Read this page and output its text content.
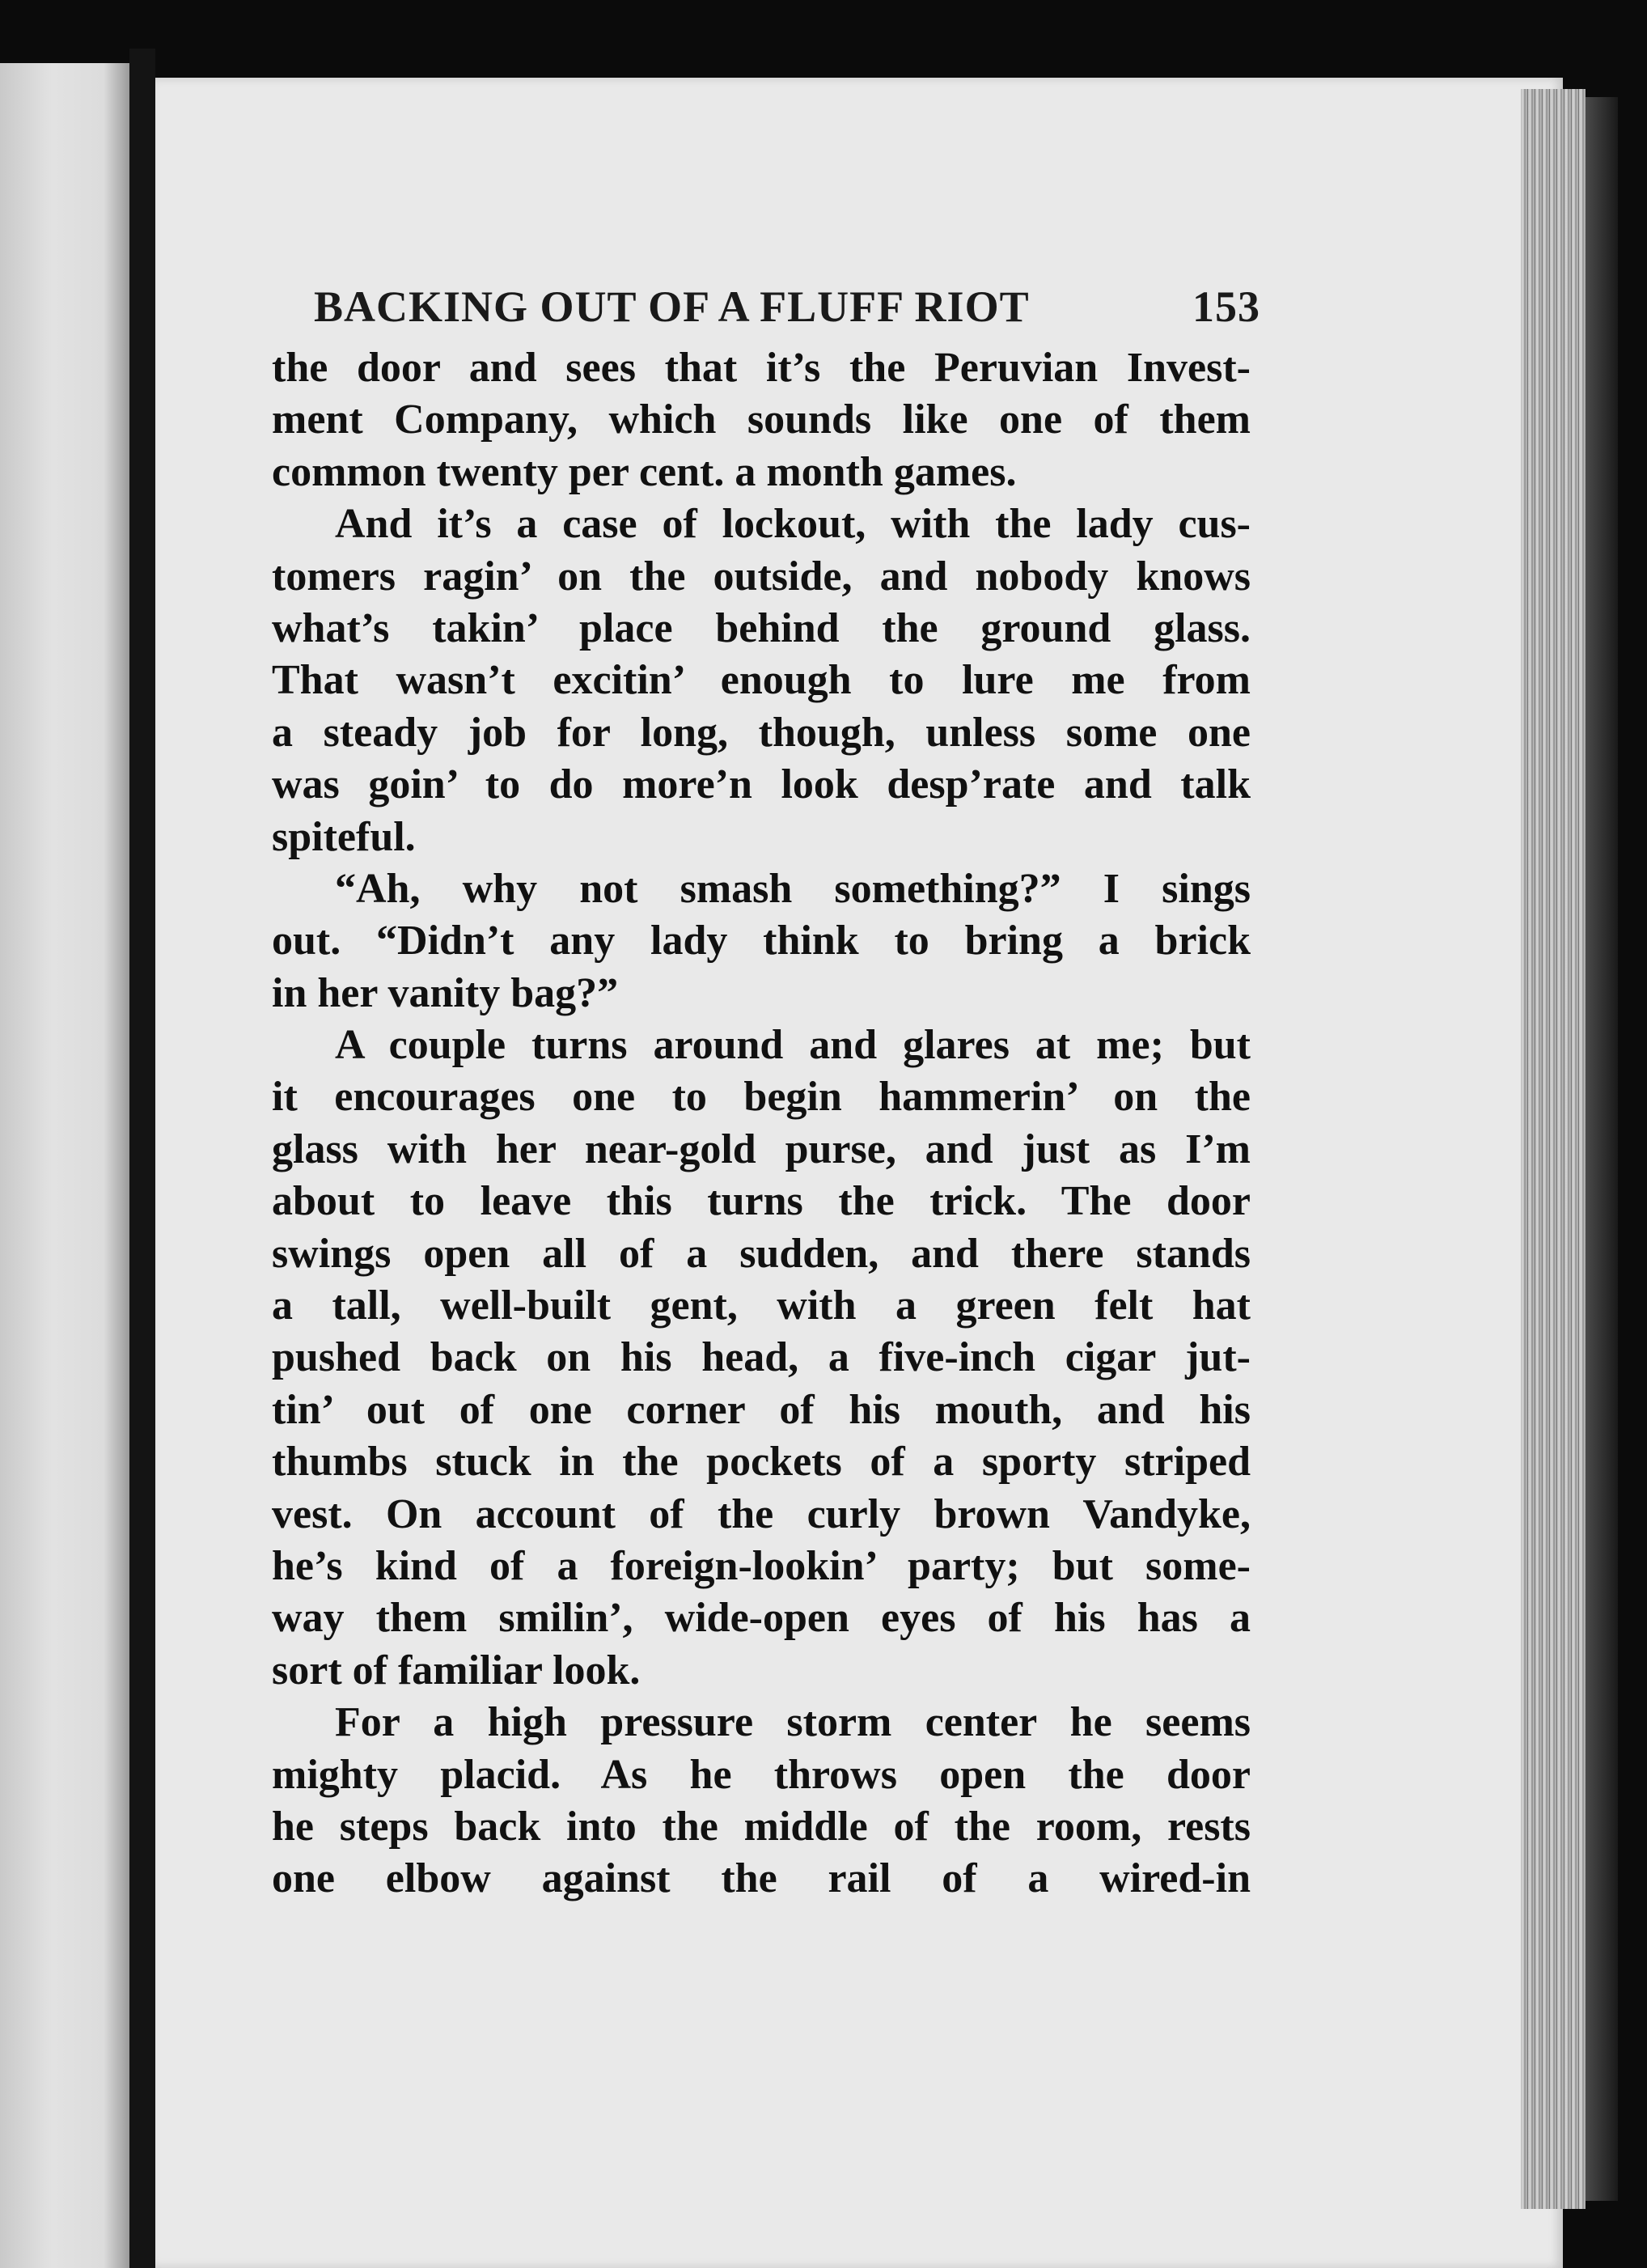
BACKING OUT OF A FLUFF RIOT	153
the door and sees that it’s the Peruvian Invest-
ment Company, which sounds like one of them
common twenty per cent. a month games.
And it’s a case of lockout, with the lady cus-
tomers ragin’ on the outside, and nobody knows
what’s takin’ place behind the ground glass.
That wasn’t excitin’ enough to lure me from
a steady job for long, though, unless some one
was goin’ to do more’n look desp’rate and talk
spiteful.
“Ah, why not smash something?” I sings
out. “Didn’t any lady think to bring a brick
in her vanity bag?”
A couple turns around and glares at me; but
it encourages one to begin hammerin’ on the
glass with her near-gold purse, and just as I’m
about to leave this turns the trick. The door
swings open all of a sudden, and there stands
a tall, well-built gent, with a green felt hat
pushed back on his head, a five-inch cigar jut-
tin’ out of one corner of his mouth, and his
thumbs stuck in the pockets of a sporty striped
vest. On account of the curly brown Vandyke,
he’s kind of a foreign-lookin’ party; but some-
way them smilin’, wide-open eyes of his has a
sort of familiar look.
For a high pressure storm center he seems
mighty placid. As he throws open the door
he steps back into the middle of the room, rests
one elbow against the rail of a wired-in
